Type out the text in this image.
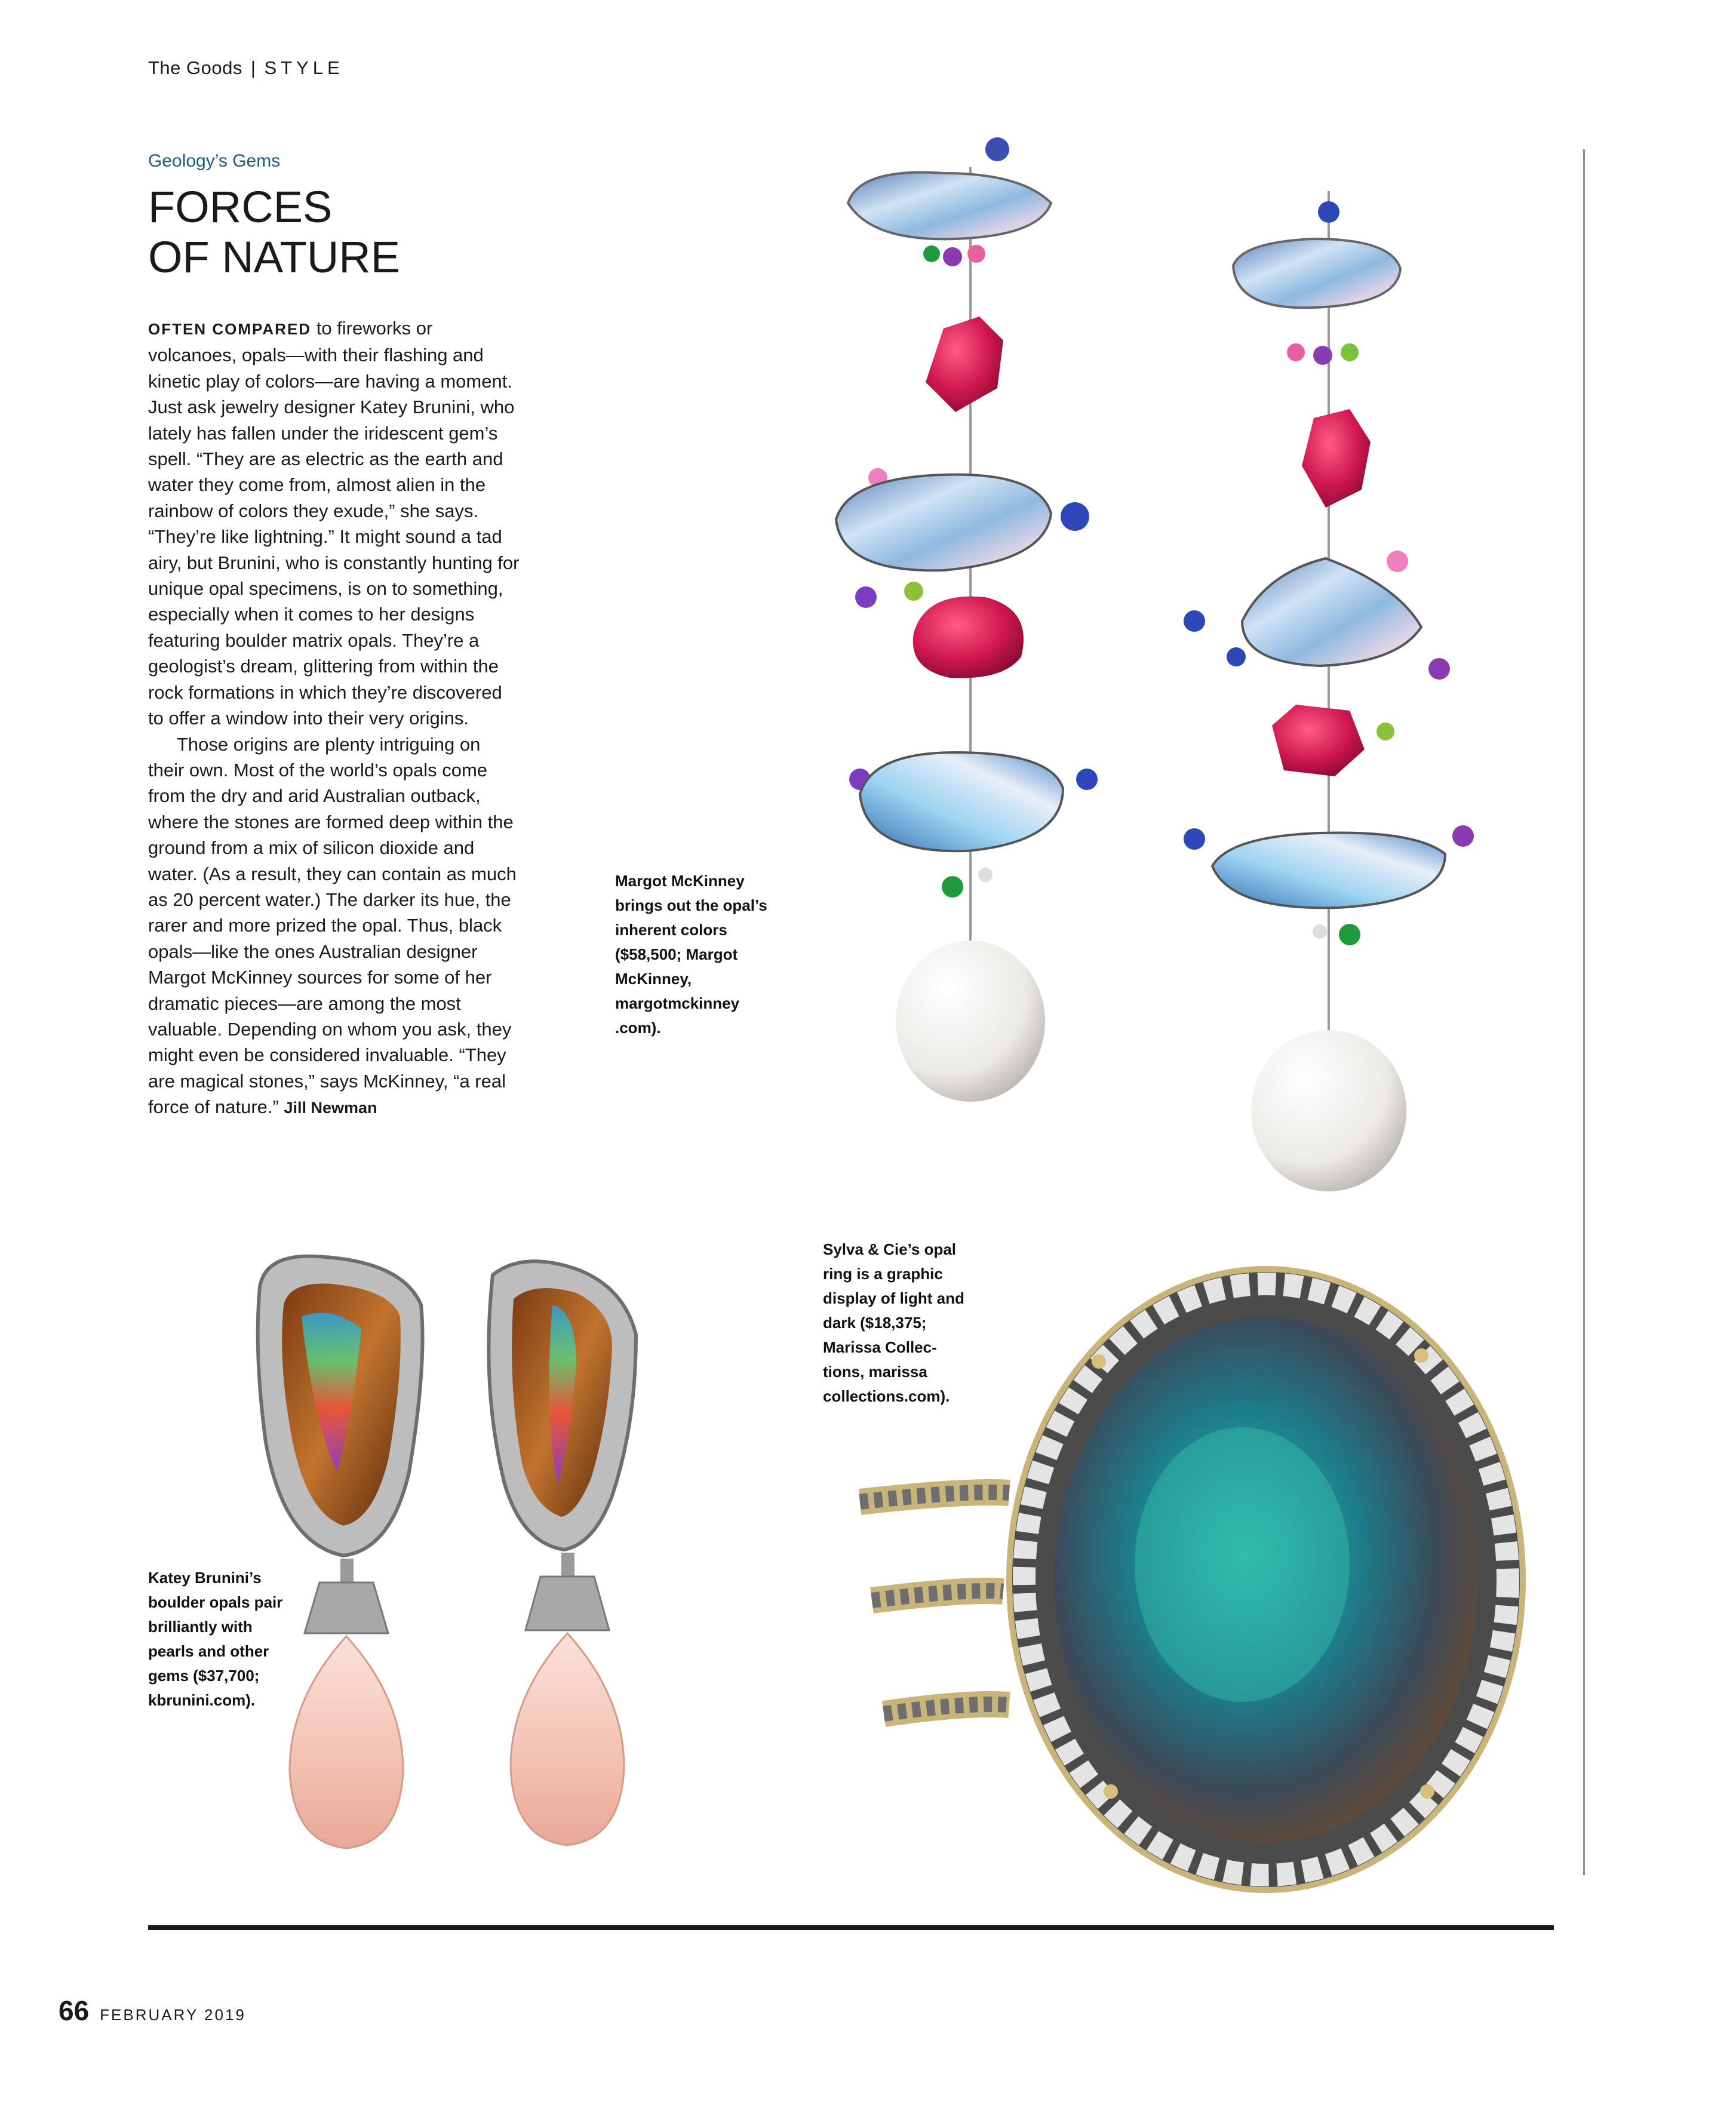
The Goods | STYLE
Geology’s Gems
FORCES
OF NATURE

OFTEN COMPARED to fireworks or volcanoes, opals—with their flashing and kinetic play of colors—are having a moment. Just ask jewelry designer Katey Brunini, who lately has fallen under the iridescent gem’s spell. “They are as electric as the earth and water they come from, almost alien in the rainbow of colors they exude,” she says. “They’re like lightning.” It might sound a tad airy, but Brunini, who is constantly hunting for unique opal specimens, is on to something, especially when it comes to her designs featuring boulder matrix opals. They’re a geologist’s dream, glittering from within the rock formations in which they’re discovered to offer a window into their very origins.

Those origins are plenty intriguing on their own. Most of the world’s opals come from the dry and arid Australian outback, where the stones are formed deep within the ground from a mix of silicon dioxide and water. (As a result, they can contain as much as 20 percent water.) The darker its hue, the rarer and more prized the opal. Thus, black opals—like the ones Australian designer Margot McKinney sources for some of her dramatic pieces—are among the most valuable. Depending on whom you ask, they might even be considered invaluable. “They are magical stones,” says McKinney, “a real force of nature.” Jill Newman

Margot McKinney brings out the opal’s inherent colors ($58,500; Margot McKinney, margotmckinney .com).
Katey Brunini’s boulder opals pair brilliantly with pearls and other gems ($37,700; kbrunini.com).
Sylva & Cie’s opal ring is a graphic display of light and dark ($18,375; Marissa Collec- tions, marissa collections.com).
66 FEBRUARY 2019
